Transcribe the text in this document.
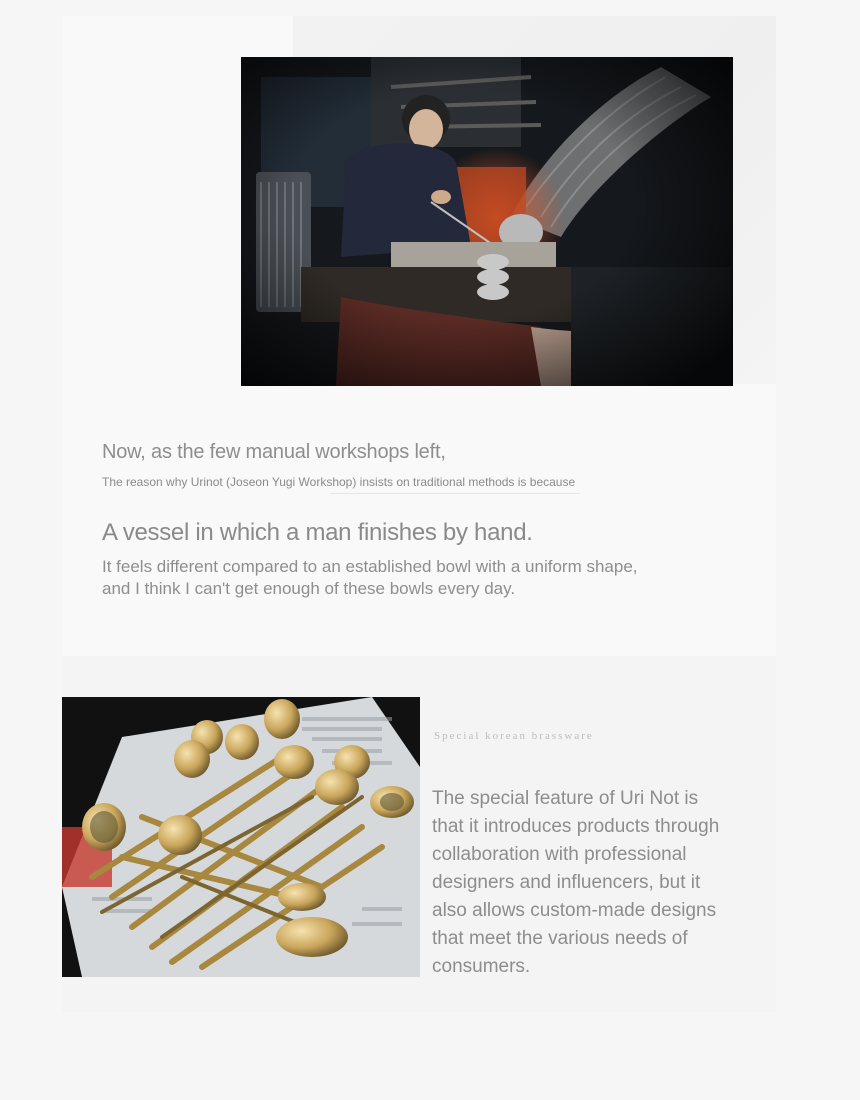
Now, as the few manual workshops left,
The reason why Urinot (Joseon Yugi Workshop) insists on traditional methods is because
A vessel in which a man finishes by hand.
It feels different compared to an established bowl with a uniform shape, and I think I can't get enough of these bowls every day.
Special korean brassware
The special feature of Uri Not is that it introduces products through collaboration with professional designers and influencers, but it also allows custom-made designs that meet the various needs of consumers.
